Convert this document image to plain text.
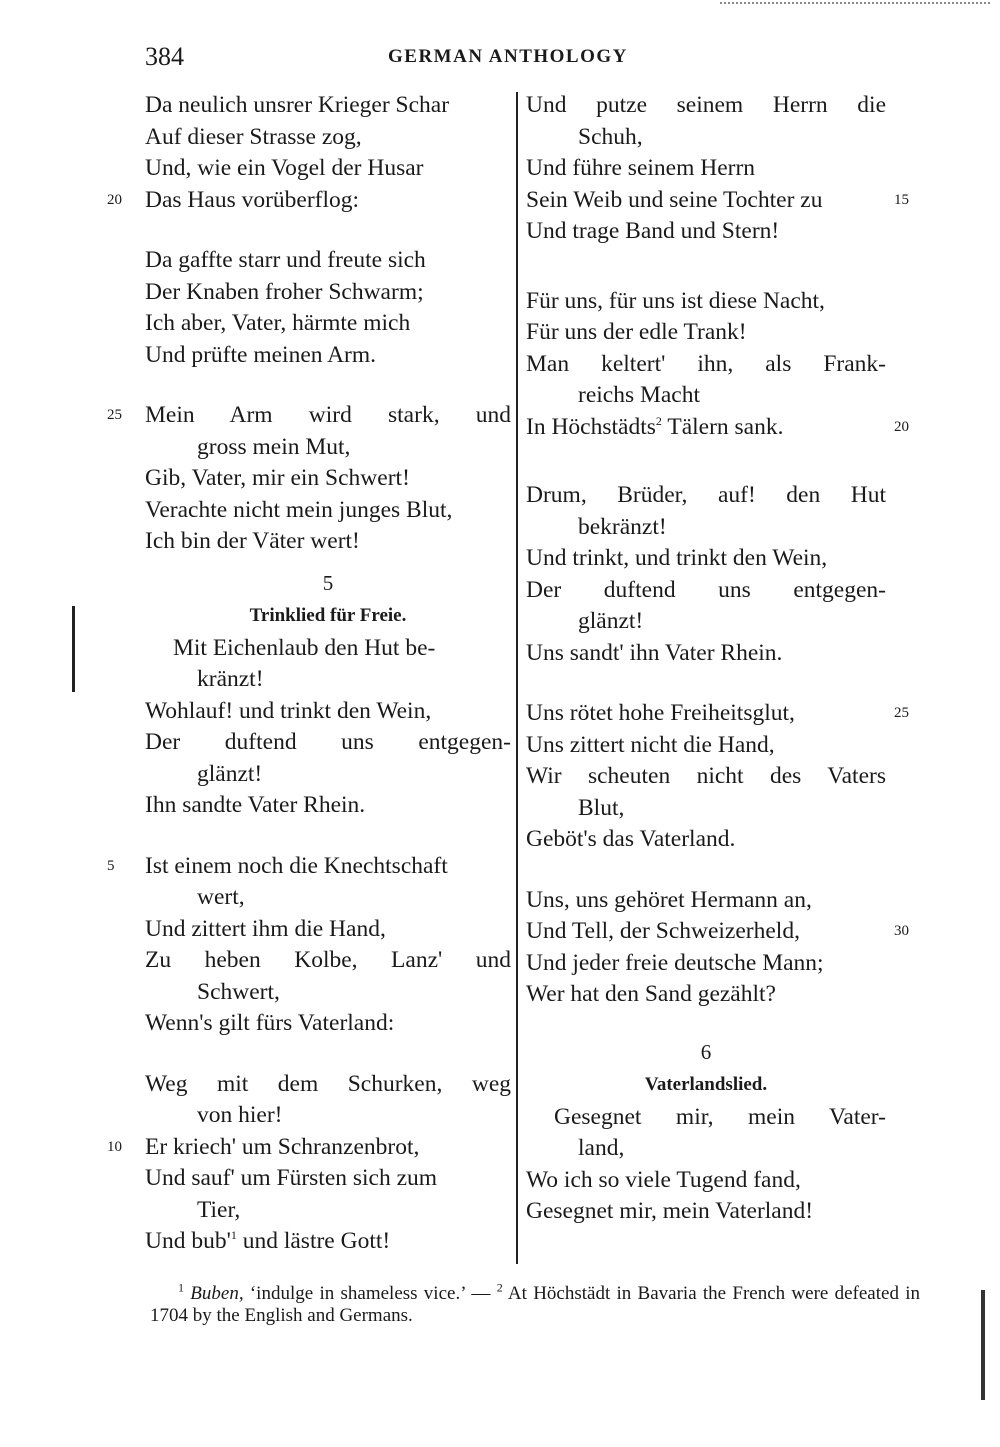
384	GERMAN ANTHOLOGY
Da neulich unsrer Krieger Schar
Auf dieser Strasse zog,
Und, wie ein Vogel der Husar
20 Das Haus vorüberflog:
Da gaffte starr und freute sich
Der Knaben froher Schwarm;
Ich aber, Vater, härmte mich
Und prüfte meinen Arm.
25 Mein Arm wird stark, und
gross mein Mut,
Gib, Vater, mir ein Schwert!
Verachte nicht mein junges Blut,
Ich bin der Väter wert!
5
Trinklied für Freie.
Mit Eichenlaub den Hut be-
kränzt!
Wohlauf! und trinkt den Wein,
Der duftend uns entgegen-
glänzt!
Ihn sandte Vater Rhein.
5 Ist einem noch die Knechtschaft
wert,
Und zittert ihm die Hand,
Zu heben Kolbe, Lanz' und
Schwert,
Wenn's gilt fürs Vaterland:
Weg mit dem Schurken, weg
von hier!
10 Er kriech' um Schranzenbrot,
Und sauf' um Fürsten sich zum
Tier,
Und $bub'^1$ und lästre Gott!
Und putze seinem Herrn die
Schuh,
Und führe seinem Herrn
Sein Weib und seine Tochter zu	15
Und trage Band und Stern!
Für uns, für uns ist diese Nacht,
Für uns der edle Trank!
Man keltert' ihn, als Frank-
reichs Macht
In Höchstädts$^2$ Tälern sank.	20
Drum, Brüder, auf! den Hut
bekränzt!
Und trinkt, und trinkt den Wein,
Der duftend uns entgegen-
glänzt!
Uns sandt' ihn Vater Rhein.
Uns rötet hohe Freiheitsglut,	25
Uns zittert nicht die Hand,
Wir scheuten nicht des Vaters
Blut,
Geböt's das Vaterland.
Uns, uns gehöret Hermann an,
Und Tell, der Schweizerheld,	30
Und jeder freie deutsche Mann;
Wer hat den Sand gezählt?
6
Vaterlandslied.
Gesegnet mir, mein Vater-
land,
Wo ich so viele Tugend fand,
Gesegnet mir, mein Vaterland!
$^1$ Buben, ‘indulge in shameless vice.’ — $^2$ At Höchstädt in Bavaria the French were defeated in 1704 by the English and Germans.
